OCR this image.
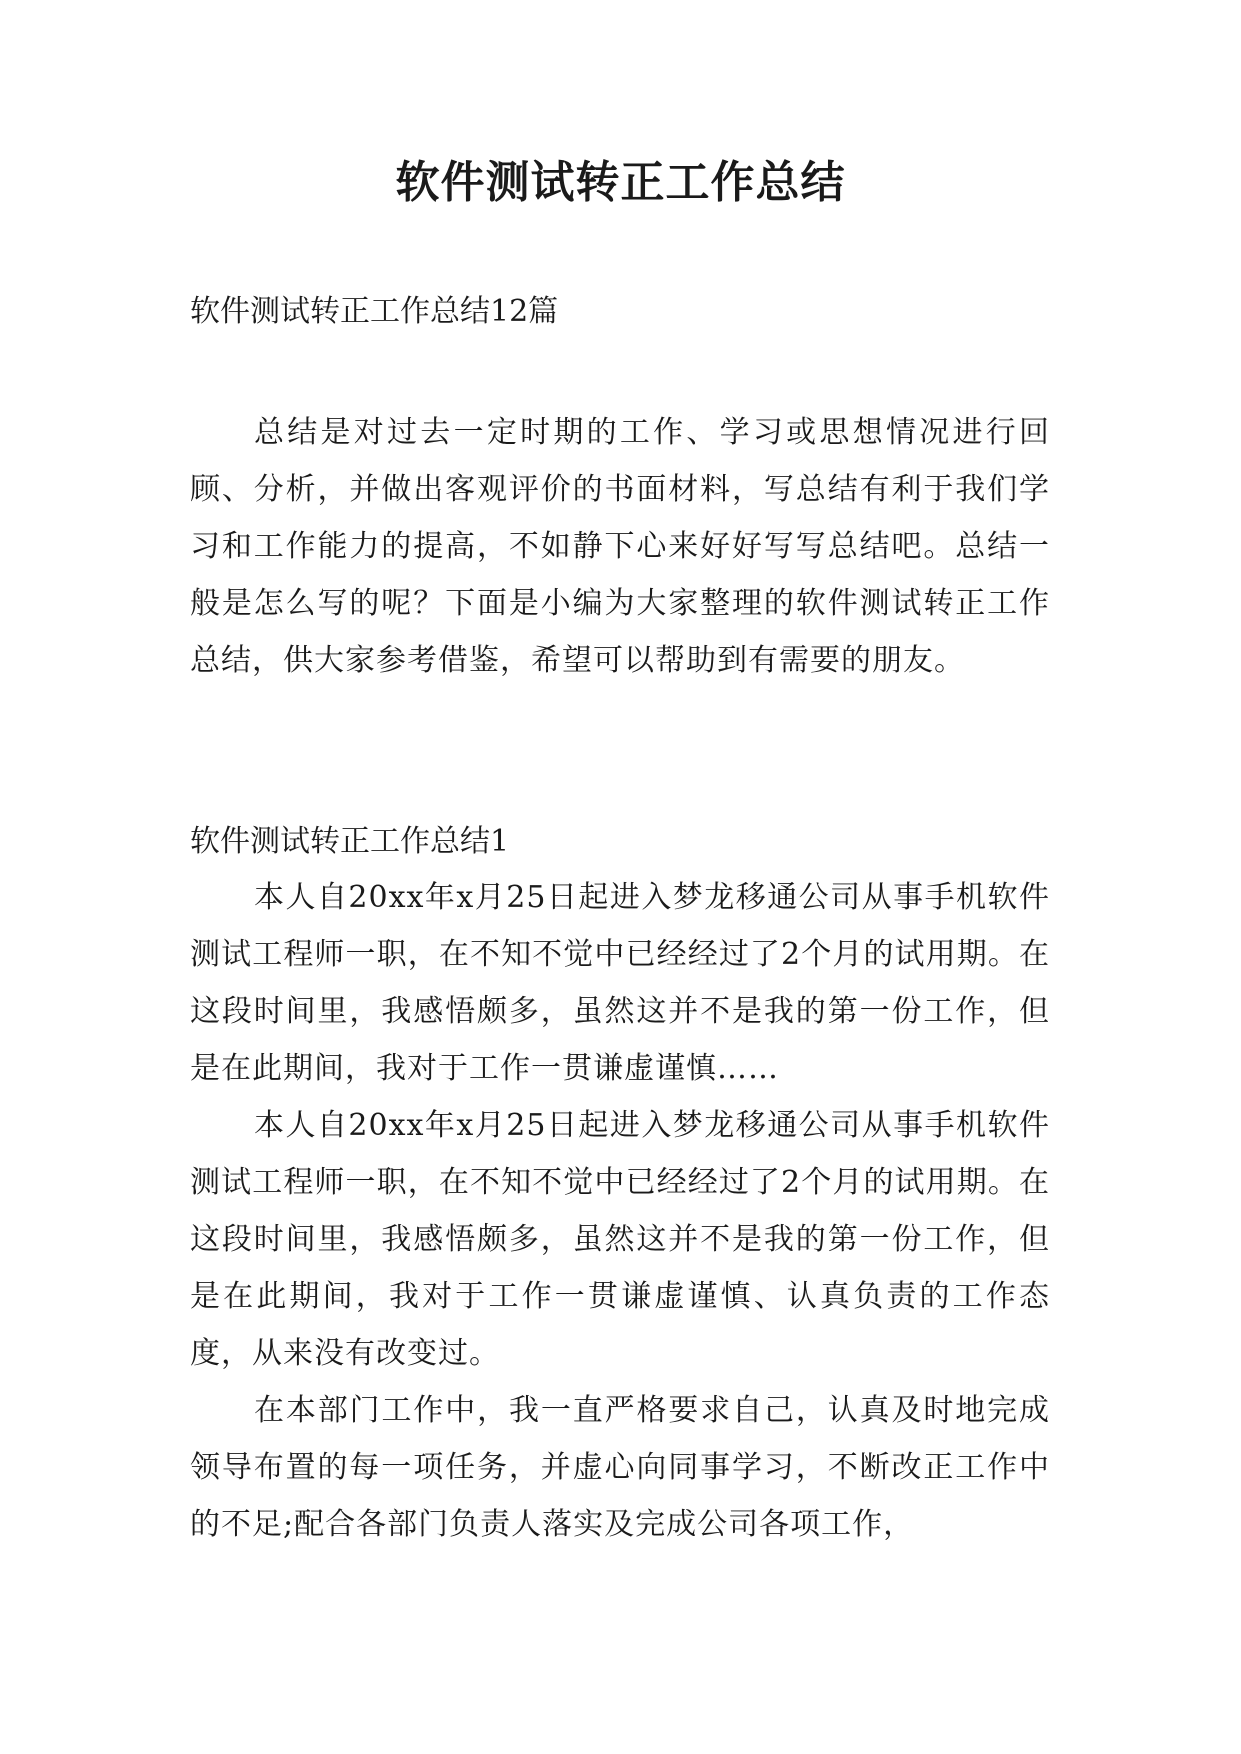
软件测试转正工作总结
软件测试转正工作总结12篇

总结是对过去一定时期的工作、学习或思想情况进行回顾、分析，并做出客观评价的书面材料，写总结有利于我们学习和工作能力的提高，不如静下心来好好写写总结吧。总结一般是怎么写的呢？下面是小编为大家整理的软件测试转正工作总结，供大家参考借鉴，希望可以帮助到有需要的朋友。

软件测试转正工作总结1

本人自20xx年x月25日起进入梦龙移通公司从事手机软件测试工程师一职，在不知不觉中已经经过了2个月的试用期。在这段时间里，我感悟颇多，虽然这并不是我的第一份工作，但是在此期间，我对于工作一贯谦虚谨慎……

本人自20xx年x月25日起进入梦龙移通公司从事手机软件测试工程师一职，在不知不觉中已经经过了2个月的试用期。在这段时间里，我感悟颇多，虽然这并不是我的第一份工作，但是在此期间，我对于工作一贯谦虚谨慎、认真负责的工作态度，从来没有改变过。

在本部门工作中，我一直严格要求自己，认真及时地完成领导布置的每一项任务，并虚心向同事学习，不断改正工作中的不足;配合各部门负责人落实及完成公司各项工作，
